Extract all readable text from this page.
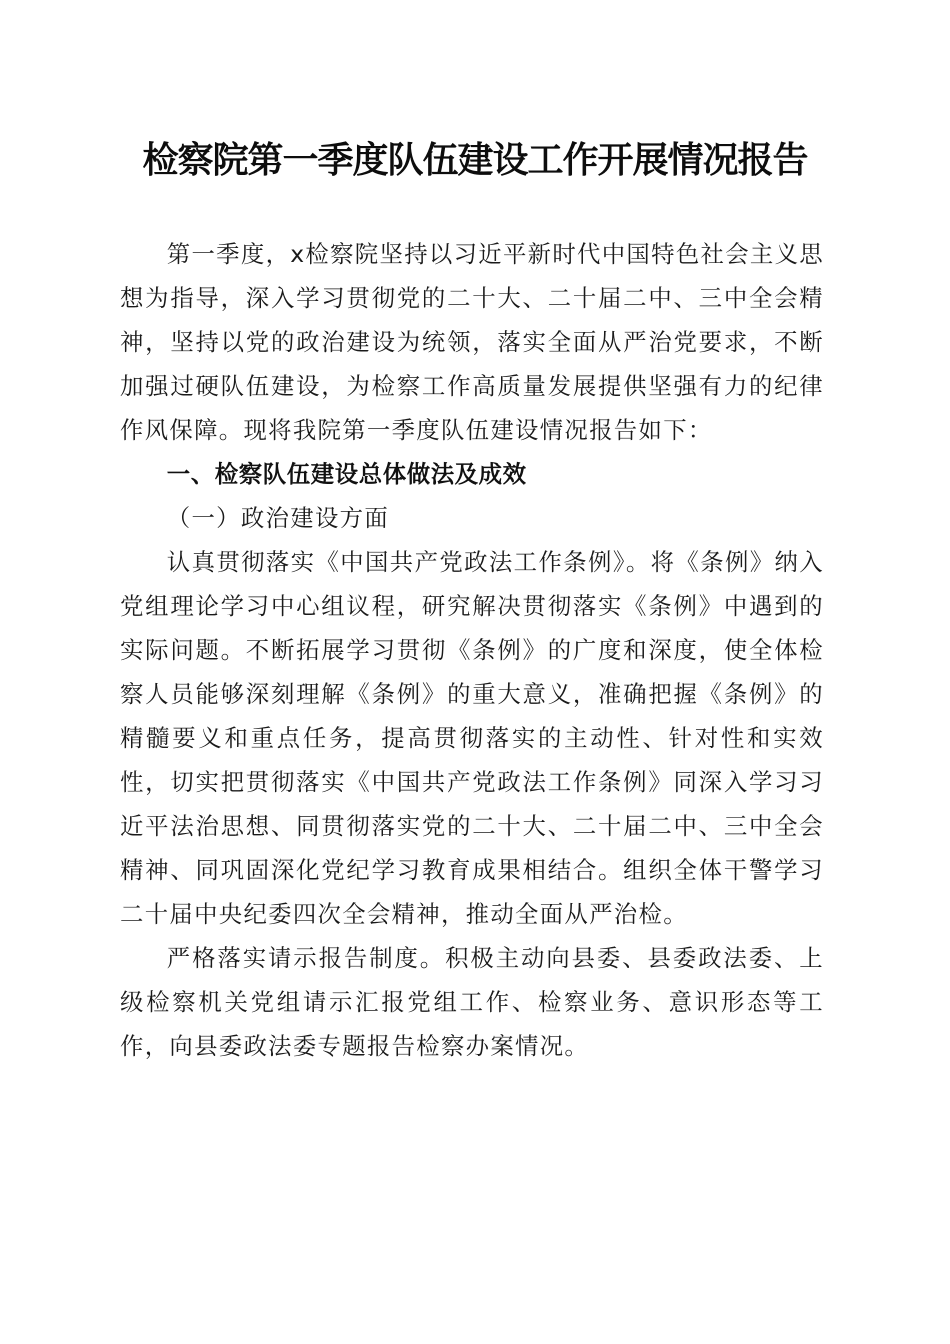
检察院第一季度队伍建设工作开展情况报告

第一季度，x检察院坚持以习近平新时代中国特色社会主义思想为指导，深入学习贯彻党的二十大、二十届二中、三中全会精神，坚持以党的政治建设为统领，落实全面从严治党要求，不断加强过硬队伍建设，为检察工作高质量发展提供坚强有力的纪律作风保障。现将我院第一季度队伍建设情况报告如下：

一、检察队伍建设总体做法及成效

（一）政治建设方面

认真贯彻落实《中国共产党政法工作条例》。将《条例》纳入党组理论学习中心组议程，研究解决贯彻落实《条例》中遇到的实际问题。不断拓展学习贯彻《条例》的广度和深度，使全体检察人员能够深刻理解《条例》的重大意义，准确把握《条例》的精髓要义和重点任务，提高贯彻落实的主动性、针对性和实效性，切实把贯彻落实《中国共产党政法工作条例》同深入学习习近平法治思想、同贯彻落实党的二十大、二十届二中、三中全会精神、同巩固深化党纪学习教育成果相结合。组织全体干警学习二十届中央纪委四次全会精神，推动全面从严治检。

严格落实请示报告制度。积极主动向县委、县委政法委、上级检察机关党组请示汇报党组工作、检察业务、意识形态等工作，向县委政法委专题报告检察办案情况。
